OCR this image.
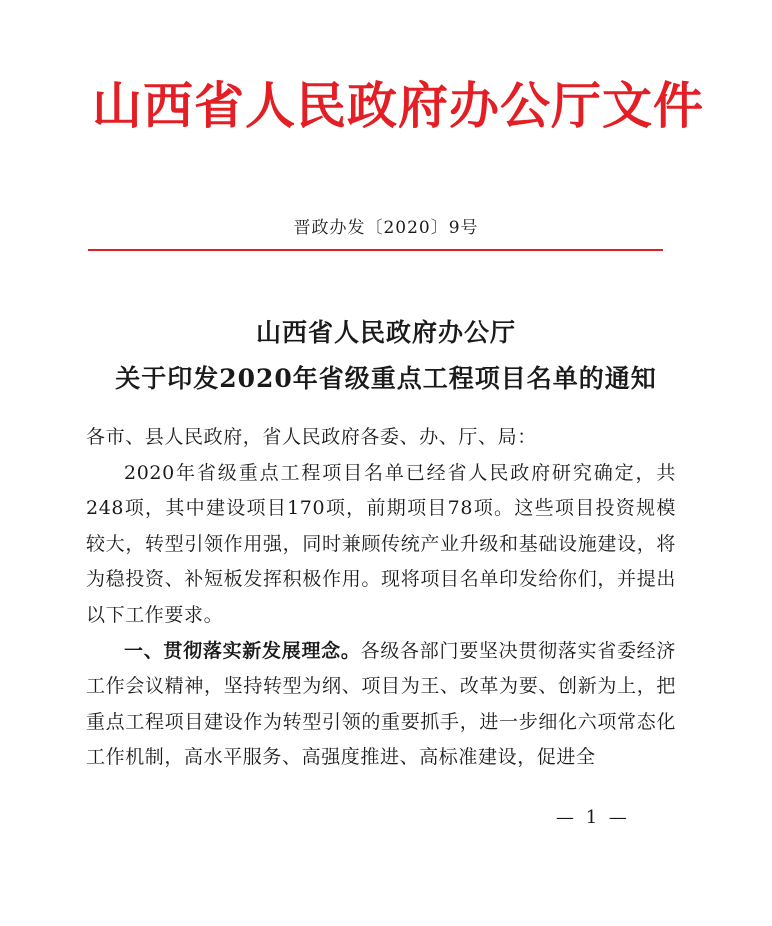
山西省人民政府办公厅文件
晋政办发〔2020〕9号
山西省人民政府办公厅
关于印发2020年省级重点工程项目名单的通知

各市、县人民政府，省人民政府各委、办、厅、局：

2020年省级重点工程项目名单已经省人民政府研究确定，共248项，其中建设项目170项，前期项目78项。这些项目投资规模较大，转型引领作用强，同时兼顾传统产业升级和基础设施建设，将为稳投资、补短板发挥积极作用。现将项目名单印发给你们，并提出以下工作要求。

一、贯彻落实新发展理念。各级各部门要坚决贯彻落实省委经济工作会议精神，坚持转型为纲、项目为王、改革为要、创新为上，把重点工程项目建设作为转型引领的重要抓手，进一步细化六项常态化工作机制，高水平服务、高强度推进、高标准建设，促进全

— 1 —
